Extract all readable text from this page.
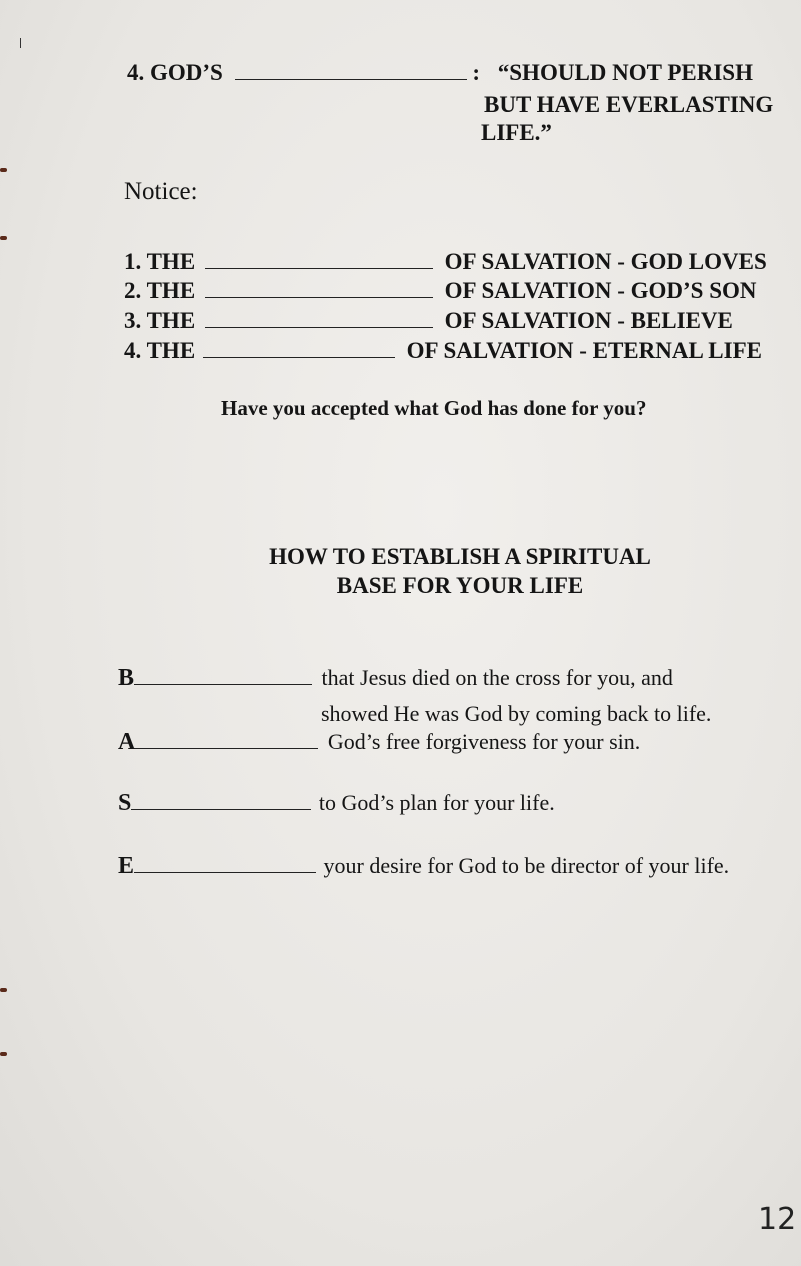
4. GOD’S	: “SHOULD NOT PERISH
BUT HAVE EVERLASTING
LIFE.”
Notice:
1. THE	OF SALVATION - GOD LOVES
2. THE	OF SALVATION - GOD’S SON
3. THE	OF SALVATION - BELIEVE
4. THE	OF SALVATION - ETERNAL LIFE
Have you accepted what God has done for you?
HOW TO ESTABLISH A SPIRITUAL
BASE FOR YOUR LIFE
B	that Jesus died on the cross for you, and
showed He was God by coming back to life.
A	God’s free forgiveness for your sin.
S	to God’s plan for your life.
E	your desire for God to be director of your life.
12
